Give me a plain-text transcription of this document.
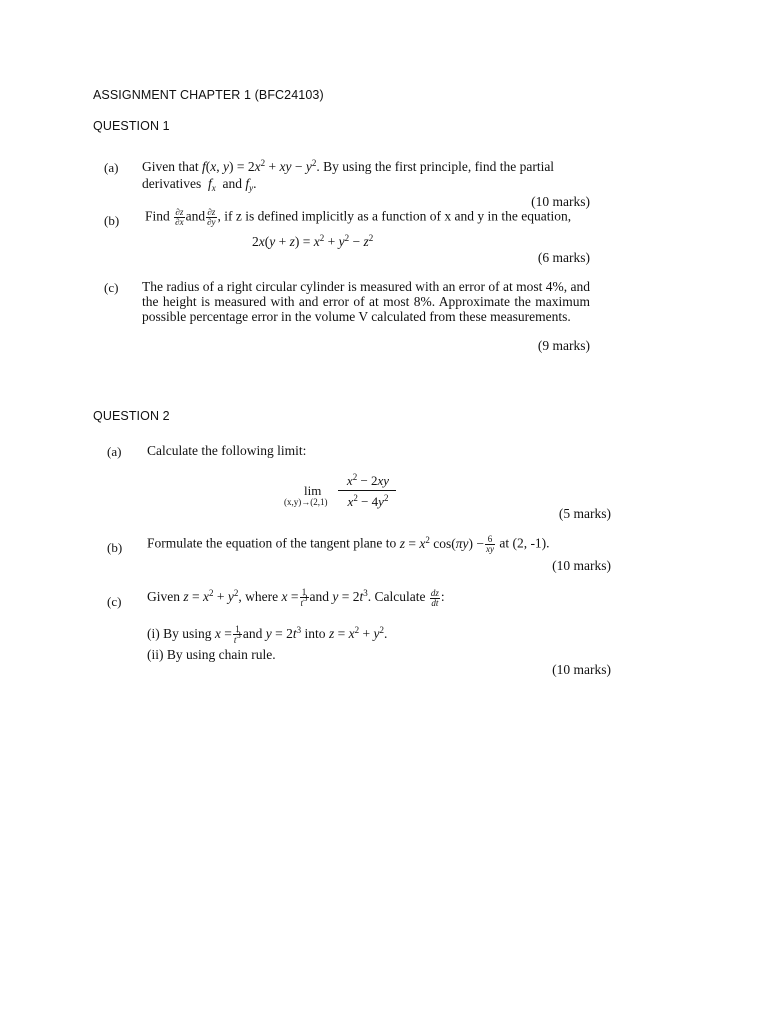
ASSIGNMENT CHAPTER 1 (BFC24103)
QUESTION 1
(a) Given that f(x, $y) = 2x^2$ + xy − $y^2$. By using the first principle, find the partial
derivatives $f_x$ and $f_y$.
(10 marks)
(b) Find $\frac{\partial z}{\partial x}$ and $\frac{\partial z}{\partial y}$ , if z is defined implicitly as a function of x and y in the equation,
$2x(y + z) = x^2 + y^2 - z^2$
(6 marks)
(c) The radius of a right circular cylinder is measured with an error of at most 4%, and the height is measured with and error of at most 8%. Approximate the maximum possible percentage error in the volume V calculated from these measurements.
(9 marks)
QUESTION 2
(a) Calculate the following limit:
lim
(x,y)→(2,1)
$x^2 - 2xy$
$x^2 - 4y^2$
(5 marks)
(b) Formulate the equation of the tangent plane to $z = x^2$ $\cos(\pi y) - \frac{6}{xy}$ at (2, -1).
(10 marks)
(c) Given $z = x^2 + y^2$, where $x = \frac{1}{t^3}$ and $y = 2t^3$. Calculate $\frac{dz}{dt}$ :
(i) By using $x = \frac{1}{t^3}$ and $y = 2t^3$ into $z = x^2 + y^2$.
(ii) By using chain rule.
(10 marks)
